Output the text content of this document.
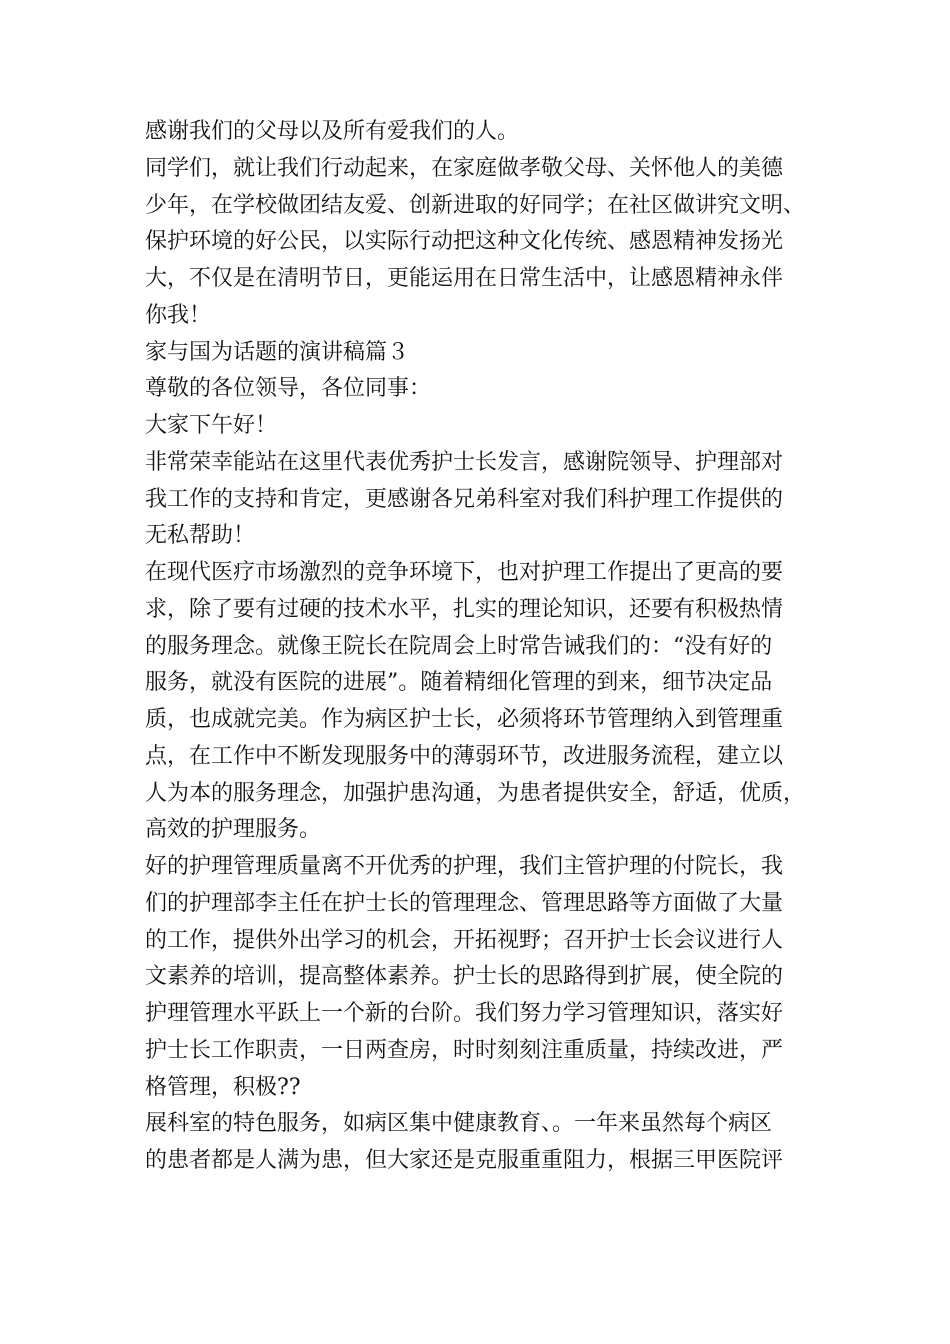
感谢我们的父母以及所有爱我们的人。
同学们，就让我们行动起来，在家庭做孝敬父母、关怀他人的美德
少年，在学校做团结友爱、创新进取的好同学；在社区做讲究文明、
保护环境的好公民，以实际行动把这种文化传统、感恩精神发扬光
大，不仅是在清明节日，更能运用在日常生活中，让感恩精神永伴
你我！
家与国为话题的演讲稿篇３
尊敬的各位领导，各位同事：
大家下午好！
非常荣幸能站在这里代表优秀护士长发言，感谢院领导、护理部对
我工作的支持和肯定，更感谢各兄弟科室对我们科护理工作提供的
无私帮助！
在现代医疗市场激烈的竞争环境下，也对护理工作提出了更高的要
求，除了要有过硬的技术水平，扎实的理论知识，还要有积极热情
的服务理念。就像王院长在院周会上时常告诫我们的：“没有好的
服务，就没有医院的进展”。随着精细化管理的到来，细节决定品
质，也成就完美。作为病区护士长，必须将环节管理纳入到管理重
点，在工作中不断发现服务中的薄弱环节，改进服务流程，建立以
人为本的服务理念，加强护患沟通，为患者提供安全，舒适，优质，
高效的护理服务。
好的护理管理质量离不开优秀的护理，我们主管护理的付院长，我
们的护理部李主任在护士长的管理理念、管理思路等方面做了大量
的工作，提供外出学习的机会，开拓视野；召开护士长会议进行人
文素养的培训，提高整体素养。护士长的思路得到扩展，使全院的
护理管理水平跃上一个新的台阶。我们努力学习管理知识，落实好
护士长工作职责，一日两查房，时时刻刻注重质量，持续改进，严
格管理，积极??
展科室的特色服务，如病区集中健康教育、。一年来虽然每个病区
的患者都是人满为患，但大家还是克服重重阻力，根据三甲医院评
